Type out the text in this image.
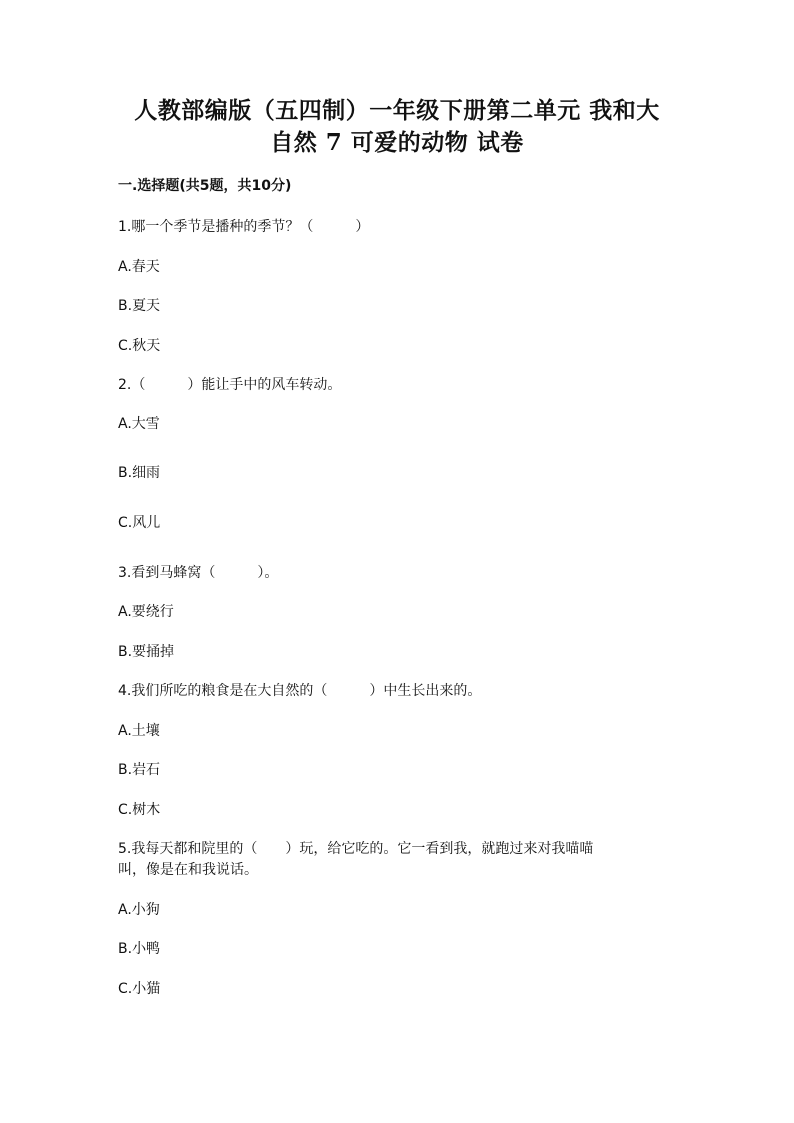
人教部编版（五四制）一年级下册第二单元 我和大
自然 7 可爱的动物 试卷
一.选择题(共5题，共10分)
1.哪一个季节是播种的季节？（　　　）
A.春天
B.夏天
C.秋天
2.（　　　）能让手中的风车转动。
A.大雪
B.细雨
C.风儿
3.看到马蜂窝（　　　）。
A.要绕行
B.要捅掉
4.我们所吃的粮食是在大自然的（　　　）中生长出来的。
A.土壤
B.岩石
C.树木
5.我每天都和院里的（　　）玩，给它吃的。它一看到我，就跑过来对我喵喵
叫，像是在和我说话。
A.小狗
B.小鸭
C.小猫
